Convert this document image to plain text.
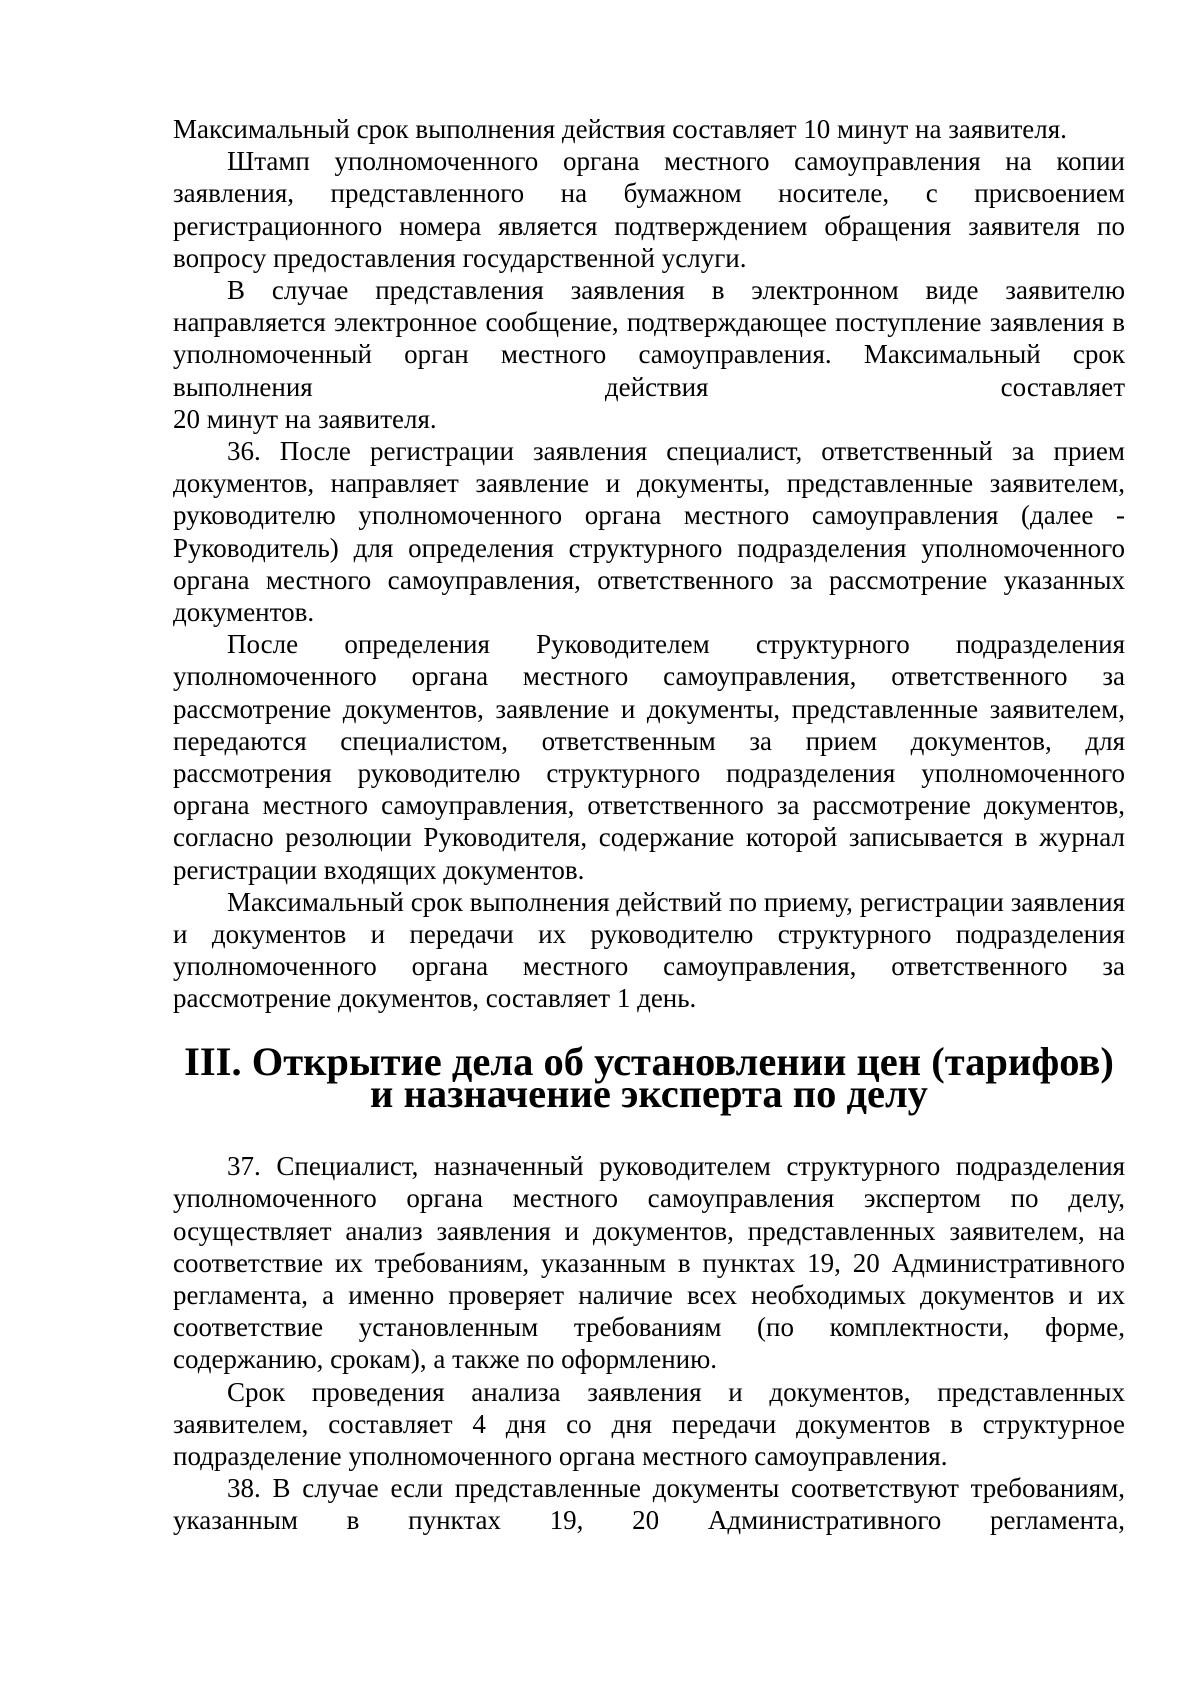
Максимальный срок выполнения действия составляет 10 минут на заявителя.

Штамп уполномоченного органа местного самоуправления на копии заявления, представленного на бумажном носителе, с присвоением регистрационного номера является подтверждением обращения заявителя по вопросу предоставления государственной услуги.

В случае представления заявления в электронном виде заявителю направляется электронное сообщение, подтверждающее поступление заявления в уполномоченный орган местного самоуправления. Максимальный срок выполнения действия составляет

20 минут на заявителя.

36. После регистрации заявления специалист, ответственный за прием документов, направляет заявление и документы, представленные заявителем, руководителю уполномоченного органа местного самоуправления (далее - Руководитель) для определения структурного подразделения уполномоченного органа местного самоуправления, ответственного за рассмотрение указанных документов.

После определения Руководителем структурного подразделения уполномоченного органа местного самоуправления, ответственного за рассмотрение документов, заявление и документы, представленные заявителем, передаются специалистом, ответственным за прием документов, для рассмотрения руководителю структурного подразделения уполномоченного органа местного самоуправления, ответственного за рассмотрение документов, согласно резолюции Руководителя, содержание которой записывается в журнал регистрации входящих документов.

Максимальный срок выполнения действий по приему, регистрации заявления и документов и передачи их руководителю структурного подразделения уполномоченного органа местного самоуправления, ответственного за рассмотрение документов, составляет 1 день.

III. Открытие дела об установлении цен (тарифов)
и назначение эксперта по делу

37. Специалист, назначенный руководителем структурного подразделения уполномоченного органа местного самоуправления экспертом по делу, осуществляет анализ заявления и документов, представленных заявителем, на соответствие их требованиям, указанным в пунктах 19, 20 Административного регламента, а именно проверяет наличие всех необходимых документов и их соответствие установленным требованиям (по комплектности, форме, содержанию, срокам), а также по оформлению.

Срок проведения анализа заявления и документов, представленных заявителем, составляет 4 дня со дня передачи документов в структурное подразделение уполномоченного органа местного самоуправления.

38. В случае если представленные документы соответствуют требованиям, указанным в пунктах 19, 20 Административного регламента,
